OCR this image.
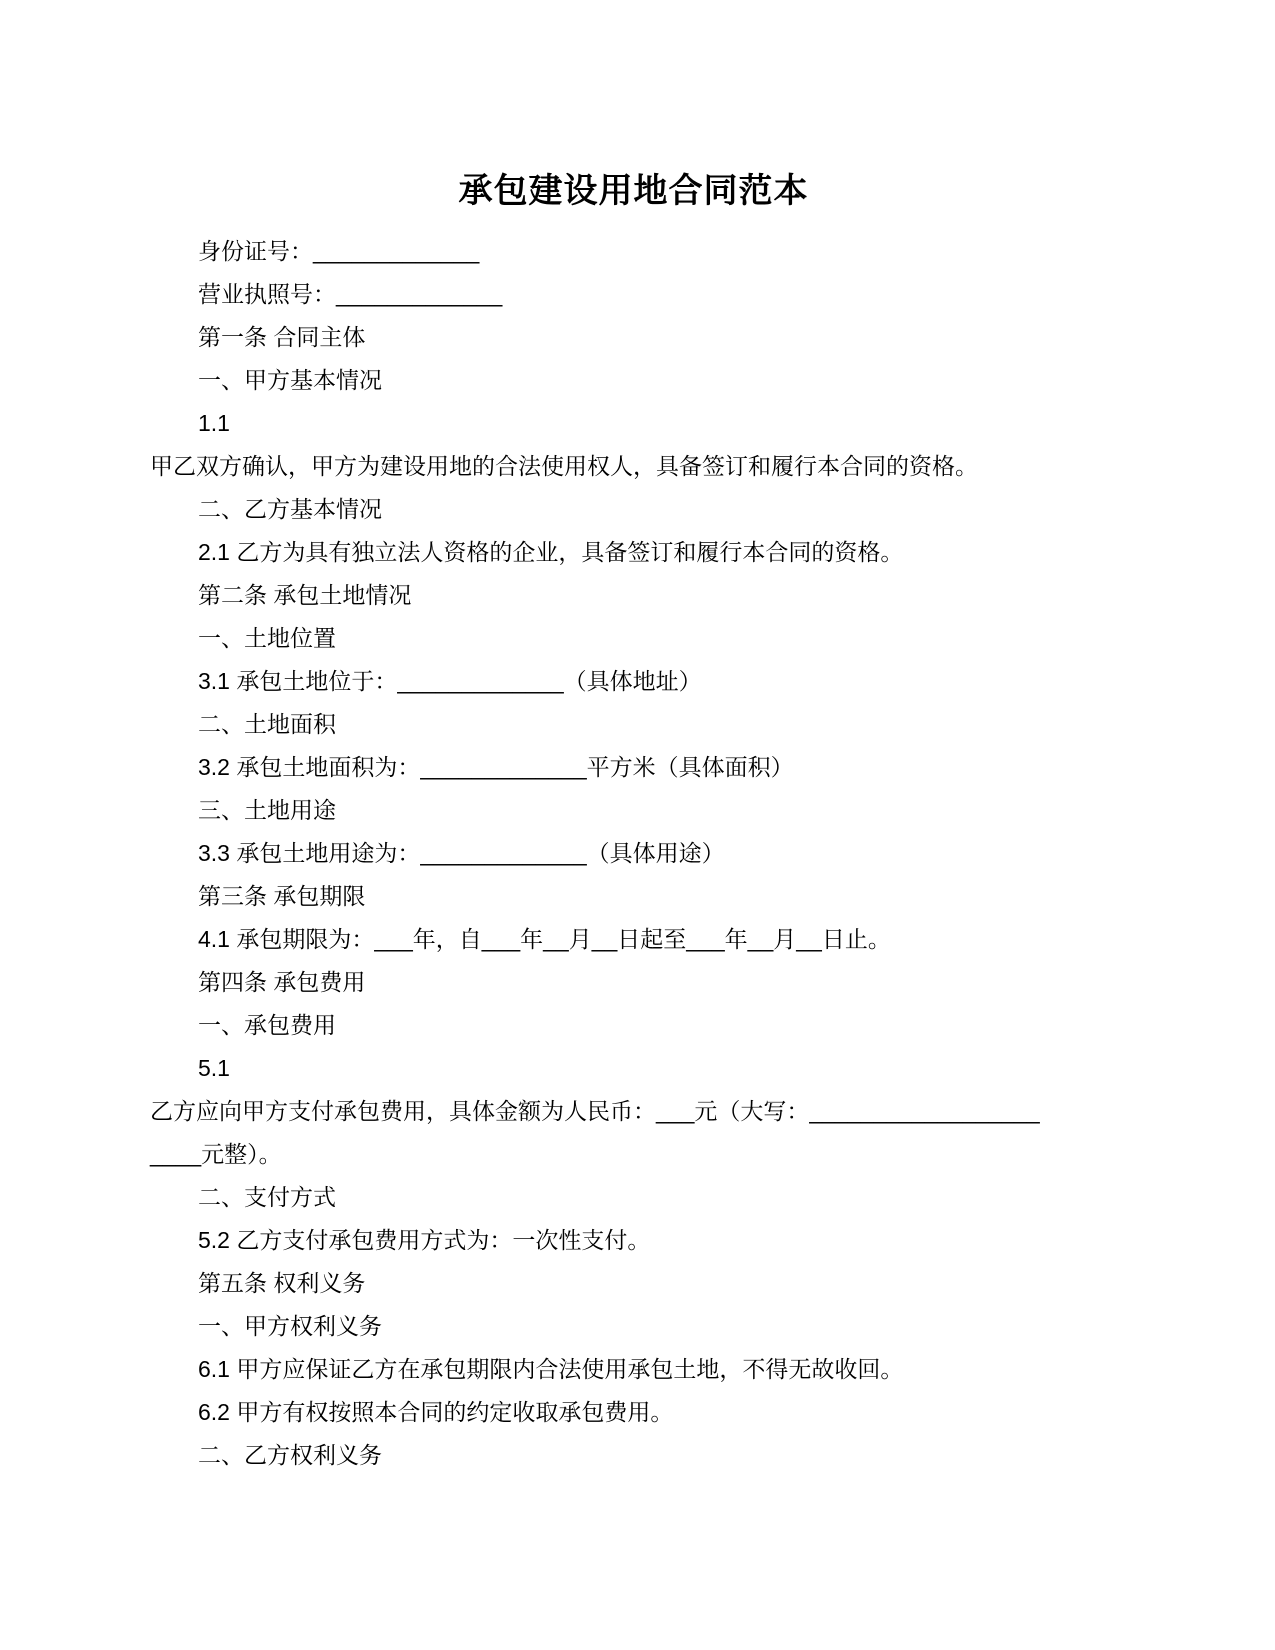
承包建设用地合同范本

身份证号：_____________

营业执照号：_____________

第一条 合同主体

一、甲方基本情况

1.1

甲乙双方确认，甲方为建设用地的合法使用权人，具备签订和履行本合同的资格。

二、乙方基本情况

2.1 乙方为具有独立法人资格的企业，具备签订和履行本合同的资格。

第二条 承包土地情况

一、土地位置

3.1 承包土地位于：_____________（具体地址）

二、土地面积

3.2 承包土地面积为：_____________平方米（具体面积）

三、土地用途

3.3 承包土地用途为：_____________（具体用途）

第三条 承包期限

4.1 承包期限为：___年，自___年__月__日起至___年__月__日止。

第四条 承包费用

一、承包费用

5.1

乙方应向甲方支付承包费用，具体金额为人民币：___元（大写：__________________

____元整）。

二、支付方式

5.2 乙方支付承包费用方式为：一次性支付。

第五条 权利义务

一、甲方权利义务

6.1 甲方应保证乙方在承包期限内合法使用承包土地，不得无故收回。

6.2 甲方有权按照本合同的约定收取承包费用。

二、乙方权利义务
